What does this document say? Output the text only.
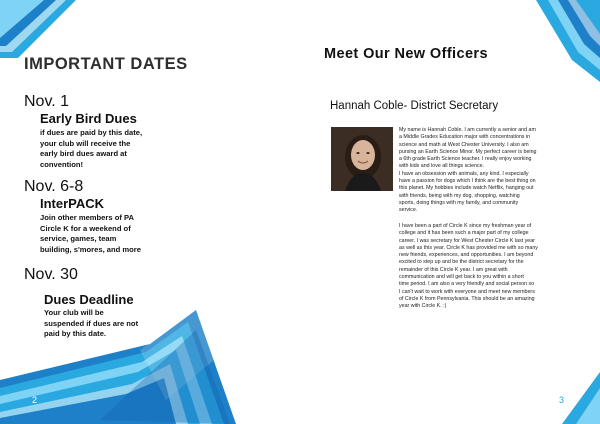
IMPORTANT DATES
Nov. 1
Early Bird Dues
if dues are paid by this date,
your club will receive the
early bird dues award at
convention!
Nov. 6-8
InterPACK
Join other members of PA
Circle K for a weekend of
service, games, team
building, s'mores, and more
Nov. 30
Dues Deadline
Your club will be
suspended if dues are not
paid by this date.
2
Meet Our New Officers
Hannah Coble- District Secretary
My name is Hannah Coble. I am currently a senior and am
a Middle Grades Education major with concentrations in
science and math at West Chester University. I also am
pursing an Earth Science Minor. My perfect career is being
a 6th grade Earth Science teacher. I really enjoy working
with kids and love all things science.
I have an obsession with animals, any kind. I especially
have a passion for dogs which I think are the best thing on
this planet. My hobbies include watch Netflix, hanging out
with friends, being with my dog, shopping, watching
sports, doing things with my family, and community
service.
I have been a part of Circle K since my freshman year of
college and it has been such a major part of my college
career. I was secretary for West Chester Circle K last year
as well as this year. Circle K has provided me with so many
new friends, experiences, and opportunities. I am beyond
excited to step up and be the district secretary for the
remainder of this Circle K year. I am great with
communication and will get back to you within a short
time period. I am also a very friendly and social person so
I can't wait to work with everyone and meet new members
of Circle K from Pennsylvania. This should be an amazing
year with Circle K. :)
3
